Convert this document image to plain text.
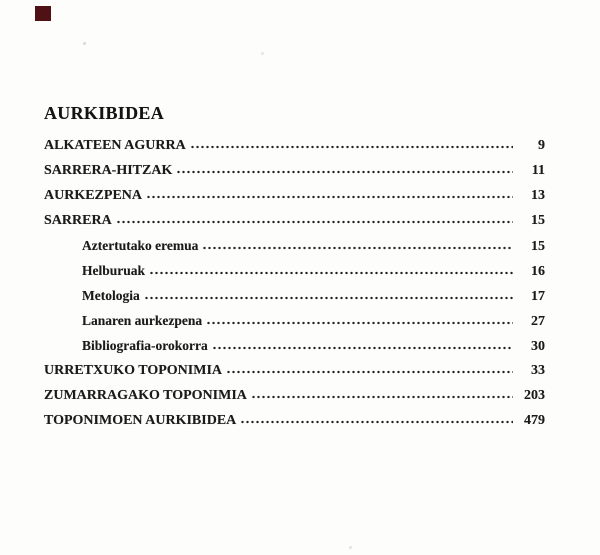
AURKIBIDEA
ALKATEEN AGURRA	9
SARRERA-HITZAK	11
AURKEZPENA	13
SARRERA	15
Aztertutako eremua	15
Helburuak	16
Metologia	17
Lanaren aurkezpena	27
Bibliografia-orokorra	30
URRETXUKO TOPONIMIA	33
ZUMARRAGAKO TOPONIMIA	203
TOPONIMOEN AURKIBIDEA	479
